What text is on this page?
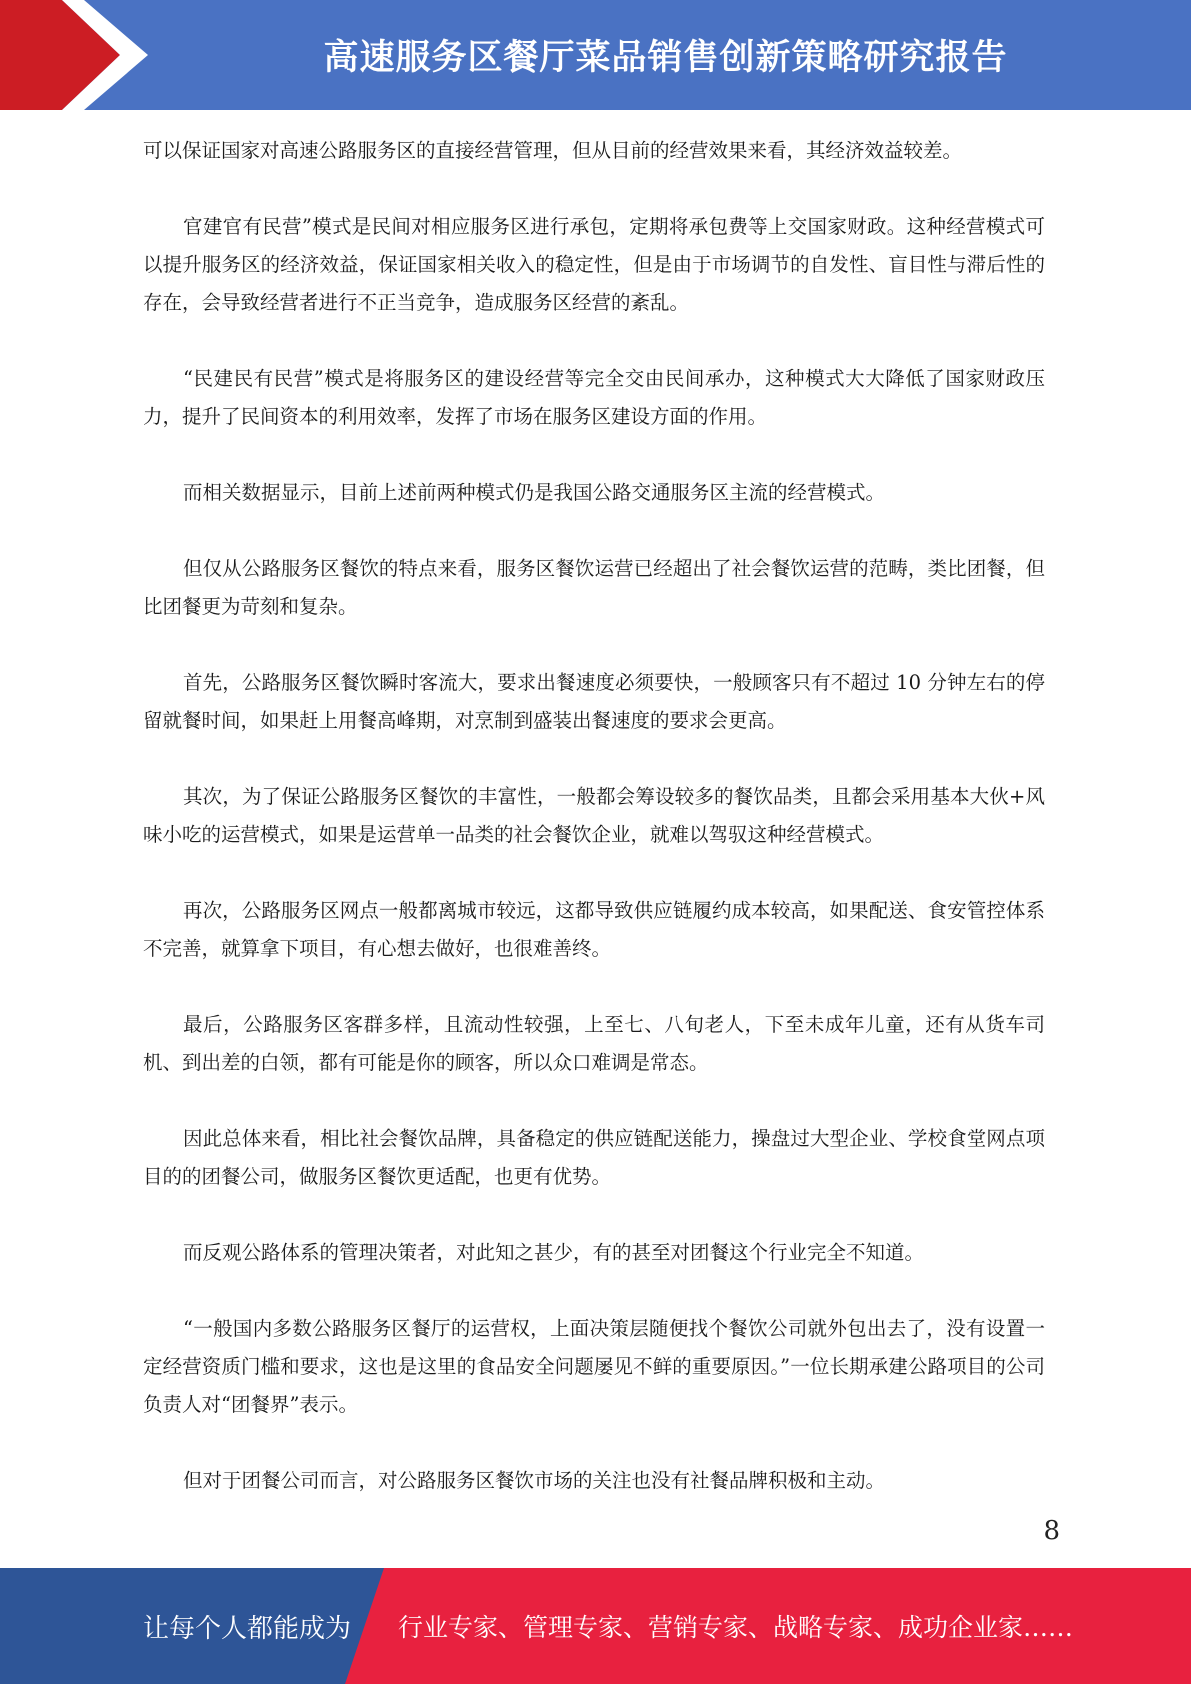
高速服务区餐厅菜品销售创新策略研究报告

可以保证国家对高速公路服务区的直接经营管理，但从目前的经营效果来看，其经济效益较差。

官建官有民营”模式是民间对相应服务区进行承包，定期将承包费等上交国家财政。这种经营模式可以提升服务区的经济效益，保证国家相关收入的稳定性，但是由于市场调节的自发性、盲目性与滞后性的存在，会导致经营者进行不正当竞争，造成服务区经营的紊乱。

“民建民有民营”模式是将服务区的建设经营等完全交由民间承办，这种模式大大降低了国家财政压力，提升了民间资本的利用效率，发挥了市场在服务区建设方面的作用。

而相关数据显示，目前上述前两种模式仍是我国公路交通服务区主流的经营模式。

但仅从公路服务区餐饮的特点来看，服务区餐饮运营已经超出了社会餐饮运营的范畴，类比团餐，但比团餐更为苛刻和复杂。

首先，公路服务区餐饮瞬时客流大，要求出餐速度必须要快，一般顾客只有不超过 10 分钟左右的停留就餐时间，如果赶上用餐高峰期，对烹制到盛装出餐速度的要求会更高。

其次，为了保证公路服务区餐饮的丰富性，一般都会筹设较多的餐饮品类，且都会采用基本大伙+风味小吃的运营模式，如果是运营单一品类的社会餐饮企业，就难以驾驭这种经营模式。

再次，公路服务区网点一般都离城市较远，这都导致供应链履约成本较高，如果配送、食安管控体系不完善，就算拿下项目，有心想去做好，也很难善终。

最后，公路服务区客群多样，且流动性较强，上至七、八旬老人，下至未成年儿童，还有从货车司机、到出差的白领，都有可能是你的顾客，所以众口难调是常态。

因此总体来看，相比社会餐饮品牌，具备稳定的供应链配送能力，操盘过大型企业、学校食堂网点项目的的团餐公司，做服务区餐饮更适配，也更有优势。

而反观公路体系的管理决策者，对此知之甚少，有的甚至对团餐这个行业完全不知道。

“一般国内多数公路服务区餐厅的运营权，上面决策层随便找个餐饮公司就外包出去了，没有设置一定经营资质门槛和要求，这也是这里的食品安全问题屡见不鲜的重要原因。”一位长期承建公路项目的公司负责人对“团餐界”表示。

但对于团餐公司而言，对公路服务区餐饮市场的关注也没有社餐品牌积极和主动。

8
让每个人都能成为 行业专家、管理专家、营销专家、战略专家、成功企业家……
